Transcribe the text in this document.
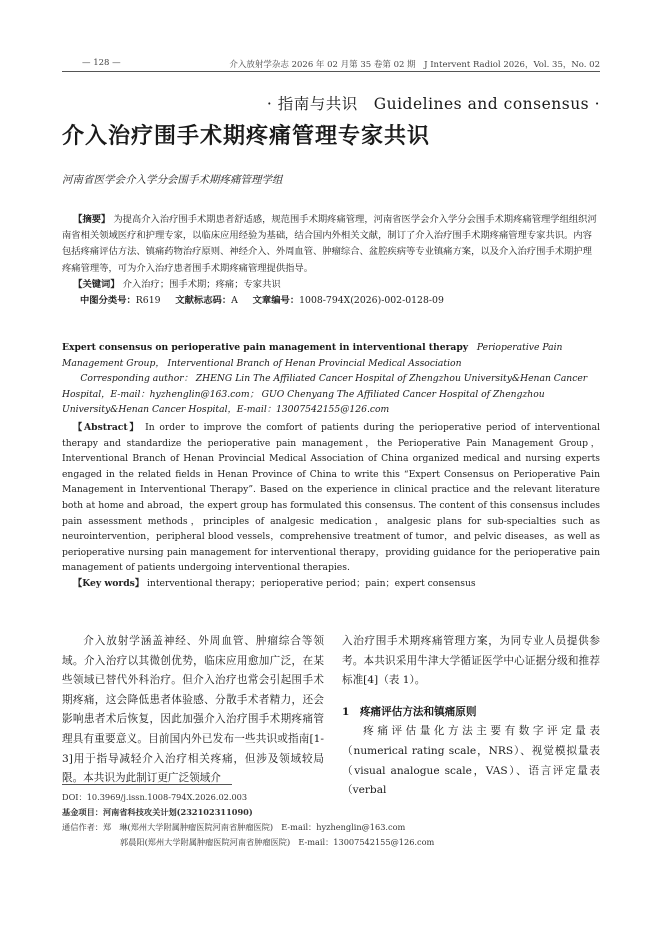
— 128 —	介入放射学杂志 2026 年 02 月第 35 卷第 02 期　J Intervent Radiol 2026，Vol. 35，No. 02
· 指南与共识　Guidelines and consensus ·
介入治疗围手术期疼痛管理专家共识
河南省医学会介入学分会围手术期疼痛管理学组
【摘要】 为提高介入治疗围手术期患者舒适感，规范围手术期疼痛管理，河南省医学会介入学分会围手术期疼痛管理学组组织河南省相关领域医疗和护理专家，以临床应用经验为基础，结合国内外相关文献，制订了介入治疗围手术期疼痛管理专家共识。内容包括疼痛评估方法、镇痛药物治疗原则、神经介入、外周血管、肿瘤综合、盆腔疾病等专业镇痛方案，以及介入治疗围手术期护理疼痛管理等，可为介入治疗患者围手术期疼痛管理提供指导。
【关键词】 介入治疗；围手术期；疼痛；专家共识
中图分类号：R619 文献标志码：A 文章编号：1008-794X(2026)-002-0128-09
Expert consensus on perioperative pain management in interventional therapy Perioperative Pain Management Group， Interventional Branch of Henan Provincial Medical Association
Corresponding author： ZHENG Lin The Affiliated Cancer Hospital of Zhengzhou University&Henan Cancer Hospital，E-mail：hyzhenglin@163.com； GUO Chenyang The Affiliated Cancer Hospital of Zhengzhou University&Henan Cancer Hospital，E-mail：13007542155@126.com
【Abstract】 In order to improve the comfort of patients during the perioperative period of interventional therapy and standardize the perioperative pain management，the Perioperative Pain Management Group，Interventional Branch of Henan Provincial Medical Association of China organized medical and nursing experts engaged in the related fields in Henan Province of China to write this “Expert Consensus on Perioperative Pain Management in Interventional Therapy”. Based on the experience in clinical practice and the relevant literature both at home and abroad，the expert group has formulated this consensus. The content of this consensus includes pain assessment methods，principles of analgesic medication，analgesic plans for sub-specialties such as neurointervention，peripheral blood vessels，comprehensive treatment of tumor，and pelvic diseases，as well as perioperative nursing pain management for interventional therapy，providing guidance for the perioperative pain management of patients undergoing interventional therapies.
【Key words】 interventional therapy；perioperative period；pain；expert consensus

介入放射学涵盖神经、外周血管、肿瘤综合等领域。介入治疗以其微创优势，临床应用愈加广泛，在某些领域已替代外科治疗。但介入治疗也常会引起围手术期疼痛，这会降低患者体验感、分散手术者精力，还会影响患者术后恢复，因此加强介入治疗围手术期疼痛管理具有重要意义。目前国内外已发布一些共识或指南[1-3]用于指导减轻介入治疗相关疼痛，但涉及领域较局限。本共识为此制订更广泛领域介

入治疗围手术期疼痛管理方案，为同专业人员提供参考。本共识采用牛津大学循证医学中心证据分级和推荐标准[4]（表 1）。

1　疼痛评估方法和镇痛原则

疼痛评估量化方法主要有数字评定量表（numerical rating scale，NRS）、视觉模拟量表（visual analogue scale，VAS）、语言评定量表（verbal

DOI：10.3969/j.issn.1008-794X.2026.02.003
基金项目：河南省科技攻关计划(232102311090)
通信作者：郑　琳(郑州大学附属肿瘤医院河南省肿瘤医院)　E-mail：hyzhenglin@163.com
郭晨阳(郑州大学附属肿瘤医院河南省肿瘤医院)　E-mail：13007542155@126.com
